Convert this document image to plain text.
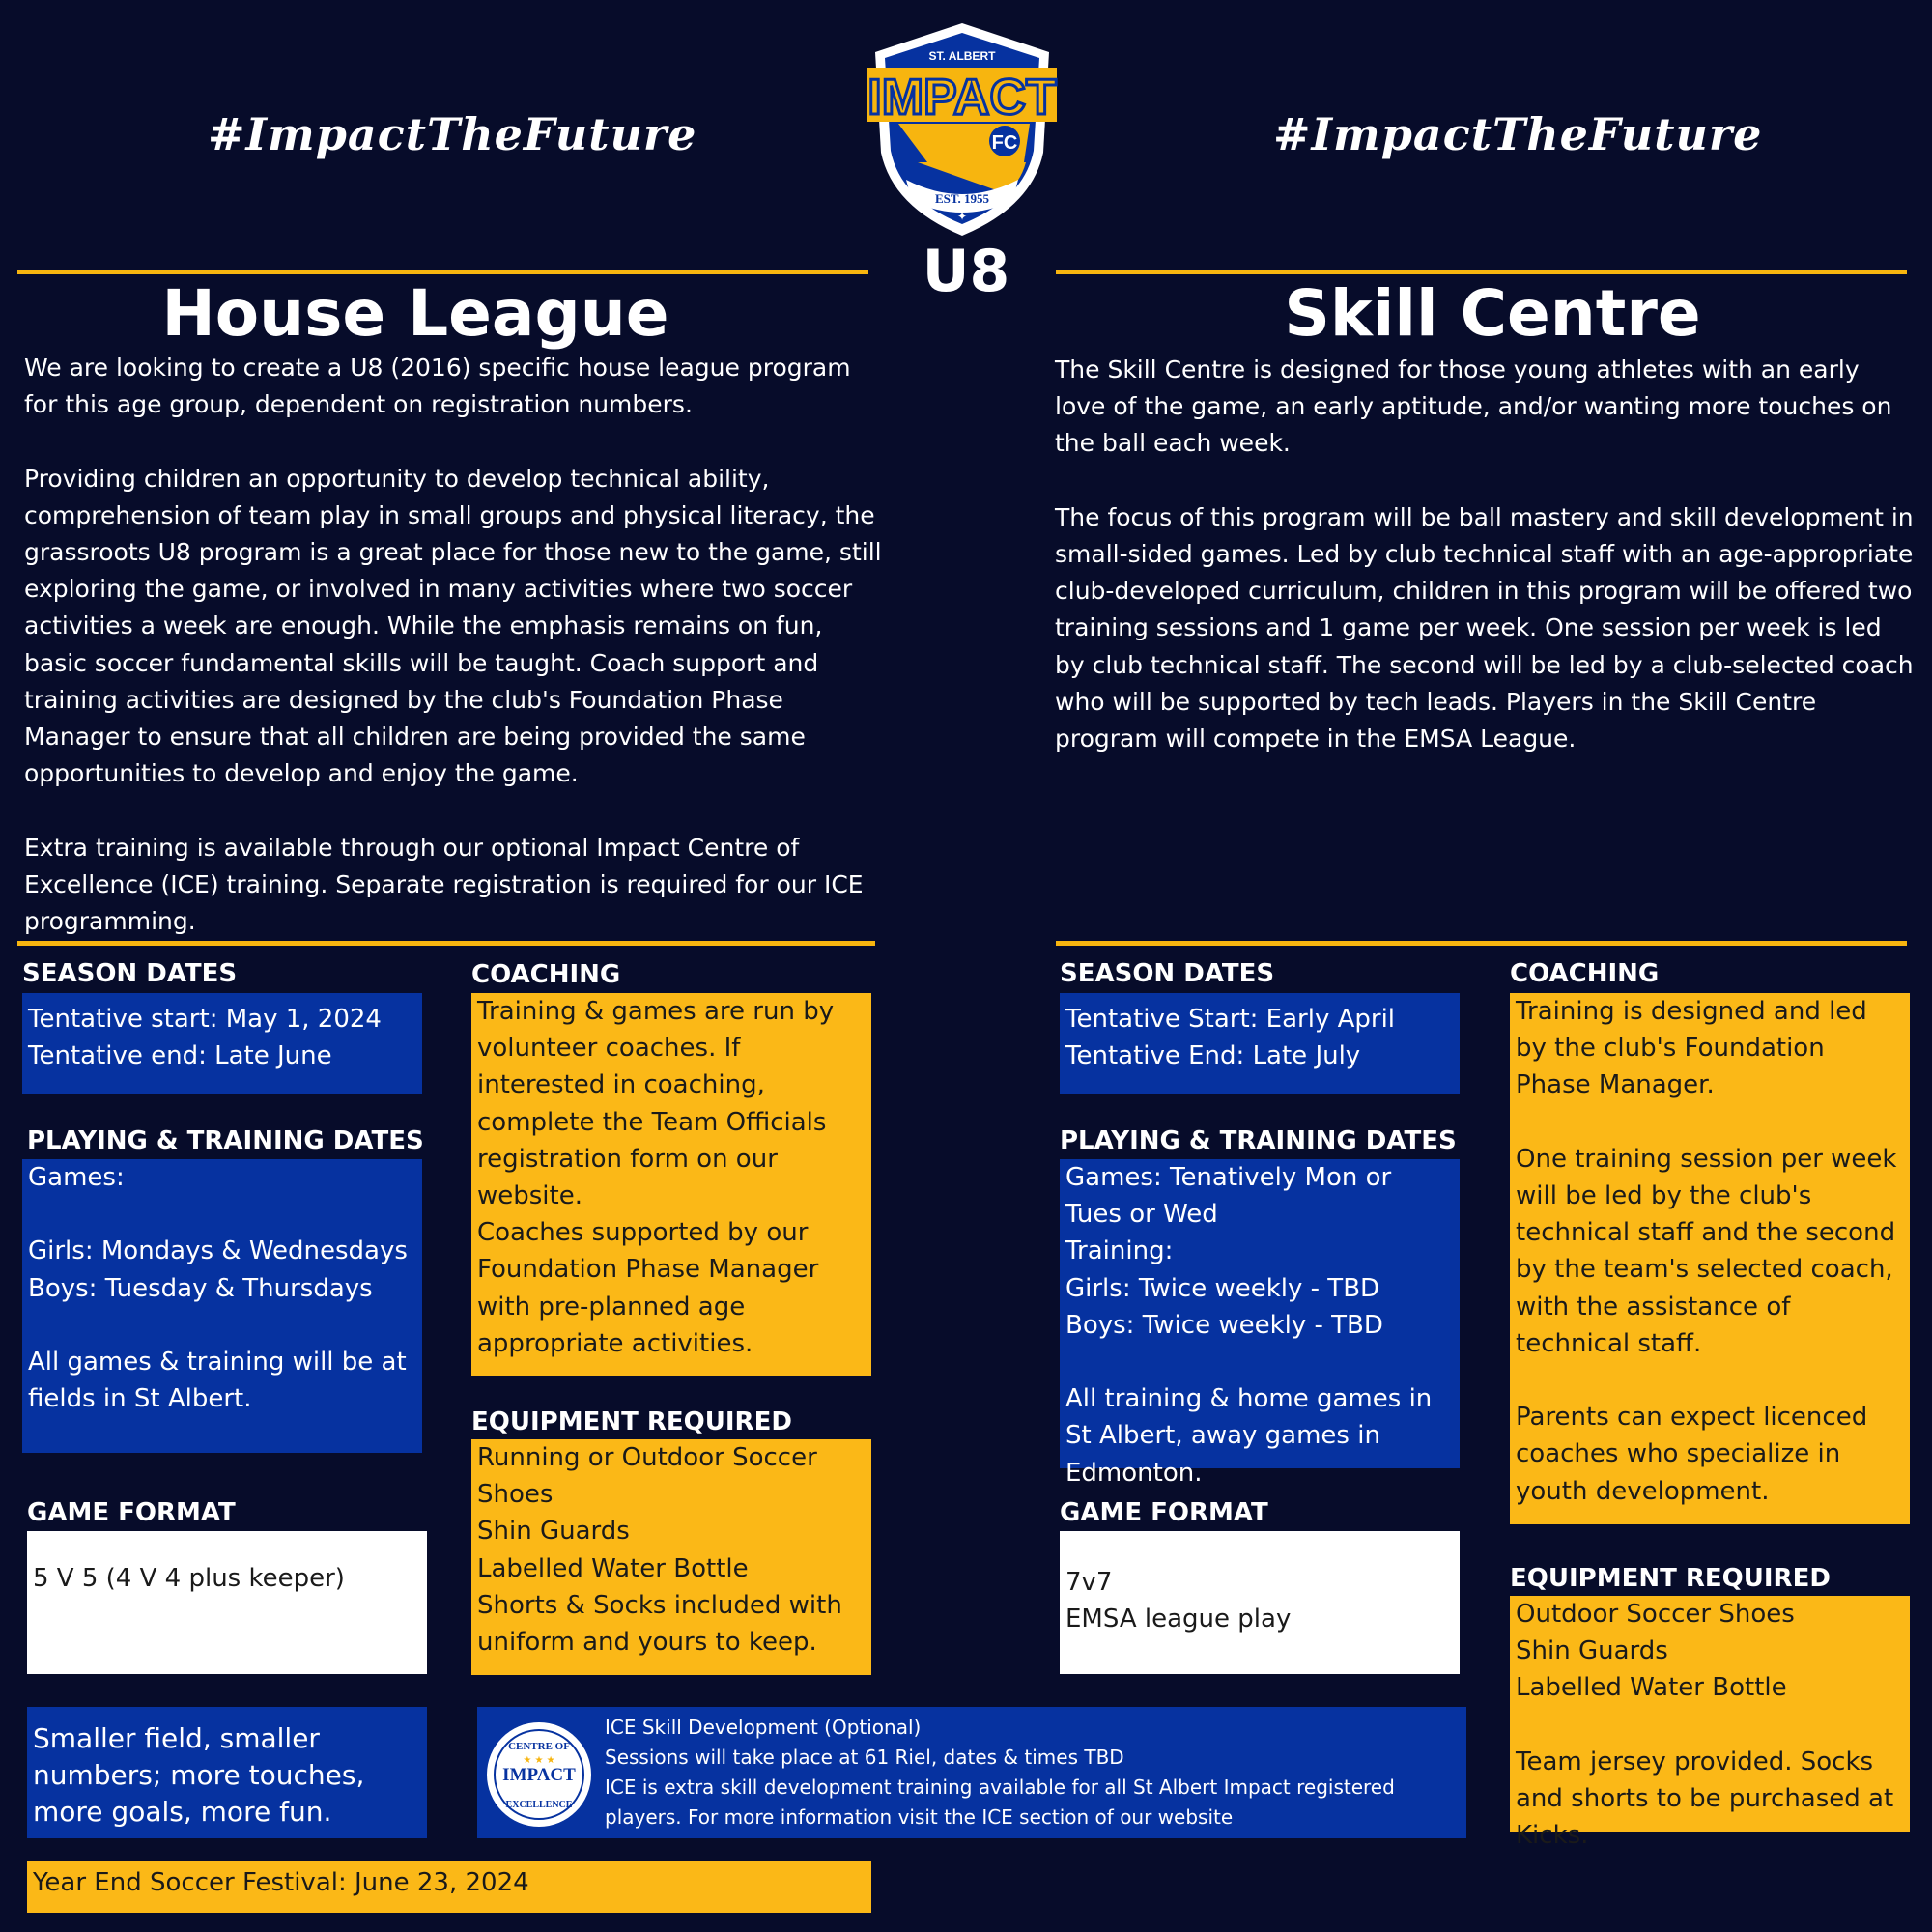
#ImpactTheFuture	#ImpactTheFuture
ST. ALBERT
IMPACT
FC
EST. 1955
✦
U8
House League	Skill Centre
We are looking to create a U8 (2016) specific house league program for this age group, dependent on registration numbers.

Providing children an opportunity to develop technical ability, comprehension of team play in small groups and physical literacy, the grassroots U8 program is a great place for those new to the game, still exploring the game, or involved in many activities where two soccer activities a week are enough. While the emphasis remains on fun, basic soccer fundamental skills will be taught. Coach support and training activities are designed by the club's Foundation Phase Manager to ensure that all children are being provided the same opportunities to develop and enjoy the game.

Extra training is available through our optional Impact Centre of Excellence (ICE) training. Separate registration is required for our ICE programming.
The Skill Centre is designed for those young athletes with an early love of the game, an early aptitude, and/or wanting more touches on the ball each week.

The focus of this program will be ball mastery and skill development in small-sided games. Led by club technical staff with an age-appropriate club-developed curriculum, children in this program will be offered two training sessions and 1 game per week. One session per week is led by club technical staff. The second will be led by a club-selected coach who will be supported by tech leads. Players in the Skill Centre program will compete in the EMSA League.
SEASON DATES
Tentative start: May 1, 2024
Tentative end: Late June
PLAYING & TRAINING DATES
Games:

Girls: Mondays & Wednesdays
Boys: Tuesday & Thursdays

All games & training will be at fields in St Albert.
GAME FORMAT
5 V 5 (4 V 4 plus keeper)
Smaller field, smaller numbers; more touches, more goals, more fun.
Year End Soccer Festival: June 23, 2024
COACHING
Training & games are run by volunteer coaches. If interested in coaching, complete the Team Officials registration form on our website.
Coaches supported by our Foundation Phase Manager with pre-planned age appropriate activities.
EQUIPMENT REQUIRED
Running or Outdoor Soccer Shoes
Shin Guards
Labelled Water Bottle
Shorts & Socks included with uniform and yours to keep.
CENTRE OF
IMPACT
EXCELLENCE
★ ★ ★
ICE Skill Development (Optional)
Sessions will take place at 61 Riel, dates & times TBD
ICE is extra skill development training available for all St Albert Impact registered players. For more information visit the ICE section of our website
SEASON DATES
Tentative Start: Early April
Tentative End: Late July
PLAYING & TRAINING DATES
Games: Tenatively Mon or Tues or Wed
Training:
Girls: Twice weekly - TBD
Boys: Twice weekly - TBD

All training & home games in St Albert, away games in Edmonton.
GAME FORMAT
7v7
EMSA league play
COACHING
Training is designed and led by the club's Foundation Phase Manager.

One training session per week will be led by the club's technical staff and the second by the team's selected coach, with the assistance of technical staff.

Parents can expect licenced coaches who specialize in youth development.
EQUIPMENT REQUIRED
Outdoor Soccer Shoes
Shin Guards
Labelled Water Bottle

Team jersey provided. Socks and shorts to be purchased at Kicks.
